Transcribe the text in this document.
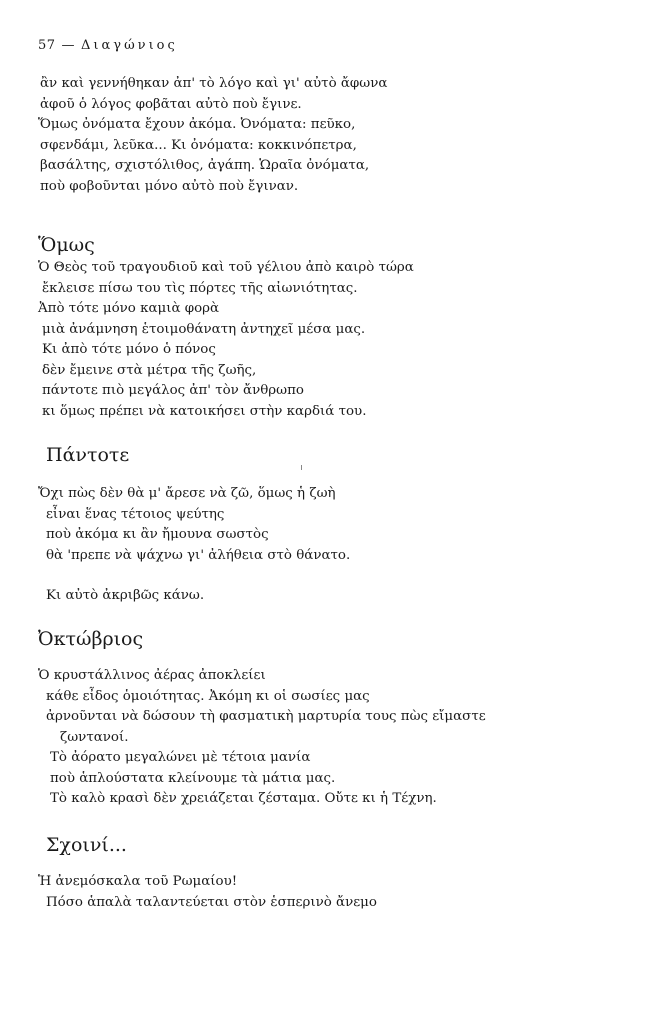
57 — Διαγώνιος
ἂν καὶ γεννήθηκαν ἀπ' τὸ λόγο καὶ γι' αὐτὸ ἄφωνα
ἀφοῦ ὁ λόγος φοβᾶται αὐτὸ ποὺ ἔγινε.
Ὅμως ὀνόματα ἔχουν ἀκόμα. Ὀνόματα: πεῦκο,
σφενδάμι, λεῦκα... Κι ὀνόματα: κοκκινόπετρα,
βασάλτης, σχιστόλιθος, ἀγάπη. Ὡραῖα ὀνόματα,
ποὺ φοβοῦνται μόνο αὐτὸ ποὺ ἔγιναν.
Ὅμως
Ὁ Θεὸς τοῦ τραγουδιοῦ καὶ τοῦ γέλιου ἀπὸ καιρὸ τώρα
ἔκλεισε πίσω του τὶς πόρτες τῆς αἰωνιότητας.
Ἀπὸ τότε μόνο καμιὰ φορὰ
μιὰ ἀνάμνηση ἑτοιμοθάνατη ἀντηχεῖ μέσα μας.
Κι ἀπὸ τότε μόνο ὁ πόνος
δὲν ἔμεινε στὰ μέτρα τῆς ζωῆς,
πάντοτε πιὸ μεγάλος ἀπ' τὸν ἄνθρωπο
κι ὅμως πρέπει νὰ κατοικήσει στὴν καρδιά του.
Πάντοτε
Ὄχι πὼς δὲν θὰ μ' ἄρεσε νὰ ζῶ, ὅμως ἡ ζωὴ
εἶναι ἕνας τέτοιος ψεύτης
ποὺ ἀκόμα κι ἂν ἤμουνα σωστὸς
θὰ 'πρεπε νὰ ψάχνω γι' ἀλήθεια στὸ θάνατο.
Κι αὐτὸ ἀκριβῶς κάνω.
Ὀκτώβριος
Ὁ κρυστάλλινος ἀέρας ἀποκλείει
κάθε εἶδος ὁμοιότητας. Ἀκόμη κι οἱ σωσίες μας
ἀρνοῦνται νὰ δώσουν τὴ φασματικὴ μαρτυρία τους πὼς εἴμαστε
ζωντανοί.
Τὸ ἀόρατο μεγαλώνει μὲ τέτοια μανία
ποὺ ἁπλούστατα κλείνουμε τὰ μάτια μας.
Τὸ καλὸ κρασὶ δὲν χρειάζεται ζέσταμα. Οὔτε κι ἡ Τέχνη.
Σχοινί...
Ἡ ἀνεμόσκαλα τοῦ Ρωμαίου!
Πόσο ἁπαλὰ ταλαντεύεται στὸν ἑσπερινὸ ἄνεμο
